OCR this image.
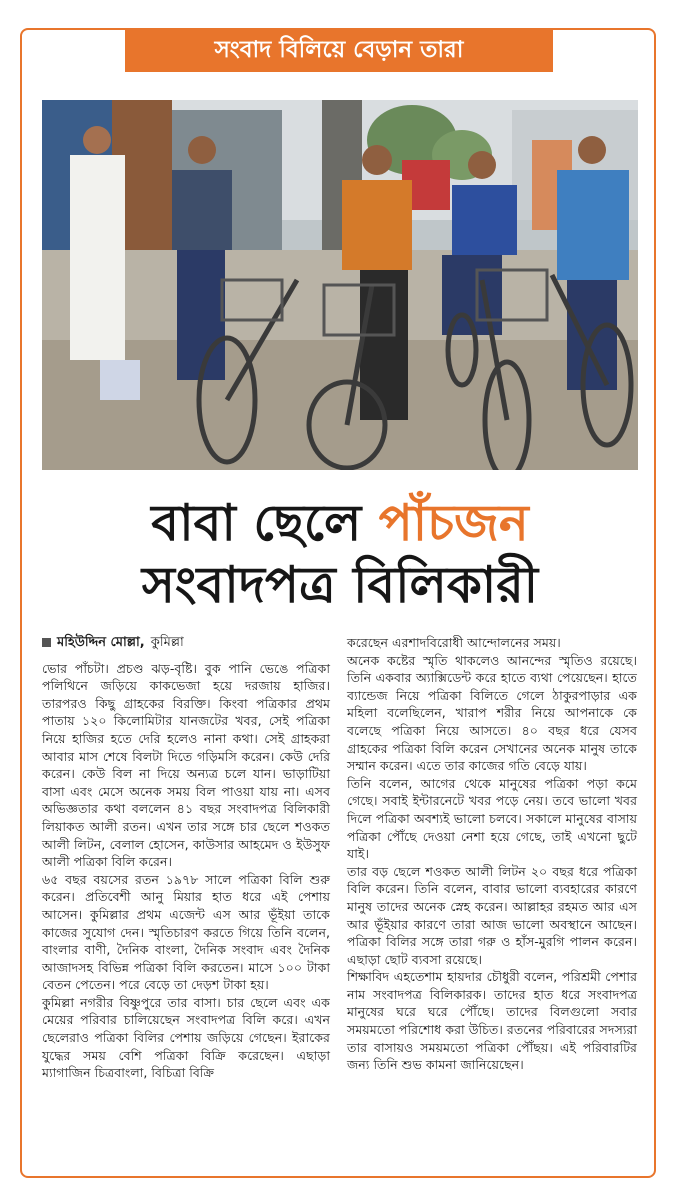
সংবাদ বিলিয়ে বেড়ান তারা
বাবা ছেলে পাঁচজন
সংবাদপত্র বিলিকারী

মহিউদ্দিন মোল্লা, কুমিল্লা

ভোর পাঁচটা। প্রচণ্ড ঝড়-বৃষ্টি। বুক পানি ভেঙে পত্রিকা পলিথিনে জড়িয়ে কাকভেজা হয়ে দরজায় হাজির। তারপরও কিছু গ্রাহকের বিরক্তি। কিংবা পত্রিকার প্রথম পাতায় ১২০ কিলোমিটার যানজটের খবর, সেই পত্রিকা নিয়ে হাজির হতে দেরি হলেও নানা কথা। সেই গ্রাহকরা আবার মাস শেষে বিলটা দিতে গড়িমসি করেন। কেউ দেরি করেন। কেউ বিল না দিয়ে অন্যত্র চলে যান। ভাড়াটিয়া বাসা এবং মেসে অনেক সময় বিল পাওয়া যায় না। এসব অভিজ্ঞতার কথা বললেন ৪১ বছর সংবাদপত্র বিলিকারী লিয়াকত আলী রতন। এখন তার সঙ্গে চার ছেলে শওকত আলী লিটন, বেলাল হোসেন, কাউসার আহমেদ ও ইউসুফ আলী পত্রিকা বিলি করেন।

৬৫ বছর বয়সের রতন ১৯৭৮ সালে পত্রিকা বিলি শুরু করেন। প্রতিবেশী আনু মিয়ার হাত ধরে এই পেশায় আসেন। কুমিল্লার প্রথম এজেন্ট এস আর ভূঁইয়া তাকে কাজের সুযোগ দেন। স্মৃতিচারণ করতে গিয়ে তিনি বলেন, বাংলার বাণী, দৈনিক বাংলা, দৈনিক সংবাদ এবং দৈনিক আজাদসহ বিভিন্ন পত্রিকা বিলি করতেন। মাসে ১০০ টাকা বেতন পেতেন। পরে বেড়ে তা দেড়শ টাকা হয়।

কুমিল্লা নগরীর বিষ্ণুপুরে তার বাসা। চার ছেলে এবং এক মেয়ের পরিবার চালিয়েছেন সংবাদপত্র বিলি করে। এখন ছেলেরাও পত্রিকা বিলির পেশায় জড়িয়ে গেছেন। ইরাকের যুদ্ধের সময় বেশি পত্রিকা বিক্রি করেছেন। এছাড়া ম্যাগাজিন চিত্রবাংলা, বিচিত্রা বিক্রি

করেছেন এরশাদবিরোধী আন্দোলনের সময়।

অনেক কষ্টের স্মৃতি থাকলেও আনন্দের স্মৃতিও রয়েছে। তিনি একবার অ্যাক্সিডেন্ট করে হাতে ব্যথা পেয়েছেন। হাতে ব্যান্ডেজ নিয়ে পত্রিকা বিলিতে গেলে ঠাকুরপাড়ার এক মহিলা বলেছিলেন, খারাপ শরীর নিয়ে আপনাকে কে বলেছে পত্রিকা নিয়ে আসতে। ৪০ বছর ধরে যেসব গ্রাহকের পত্রিকা বিলি করেন সেখানের অনেক মানুষ তাকে সম্মান করেন। এতে তার কাজের গতি বেড়ে যায়।

তিনি বলেন, আগের থেকে মানুষের পত্রিকা পড়া কমে গেছে। সবাই ইন্টারনেটে খবর পড়ে নেয়। তবে ভালো খবর দিলে পত্রিকা অবশ্যই ভালো চলবে। সকালে মানুষের বাসায় পত্রিকা পৌঁছে দেওয়া নেশা হয়ে গেছে, তাই এখনো ছুটে যাই।

তার বড় ছেলে শওকত আলী লিটন ২০ বছর ধরে পত্রিকা বিলি করেন। তিনি বলেন, বাবার ভালো ব্যবহারের কারণে মানুষ তাদের অনেক স্নেহ করেন। আল্লাহর রহমত আর এস আর ভূঁইয়ার কারণে তারা আজ ভালো অবস্থানে আছেন। পত্রিকা বিলির সঙ্গে তারা গরু ও হাঁস-মুরগি পালন করেন। এছাড়া ছোট ব্যবসা রয়েছে।

শিক্ষাবিদ এহতেশাম হায়দার চৌধুরী বলেন, পরিশ্রমী পেশার নাম সংবাদপত্র বিলিকারক। তাদের হাত ধরে সংবাদপত্র মানুষের ঘরে ঘরে পৌঁছে। তাদের বিলগুলো সবার সময়মতো পরিশোধ করা উচিত। রতনের পরিবারের সদস্যরা তার বাসায়ও সময়মতো পত্রিকা পৌঁছয়। এই পরিবারটির জন্য তিনি শুভ কামনা জানিয়েছেন।
